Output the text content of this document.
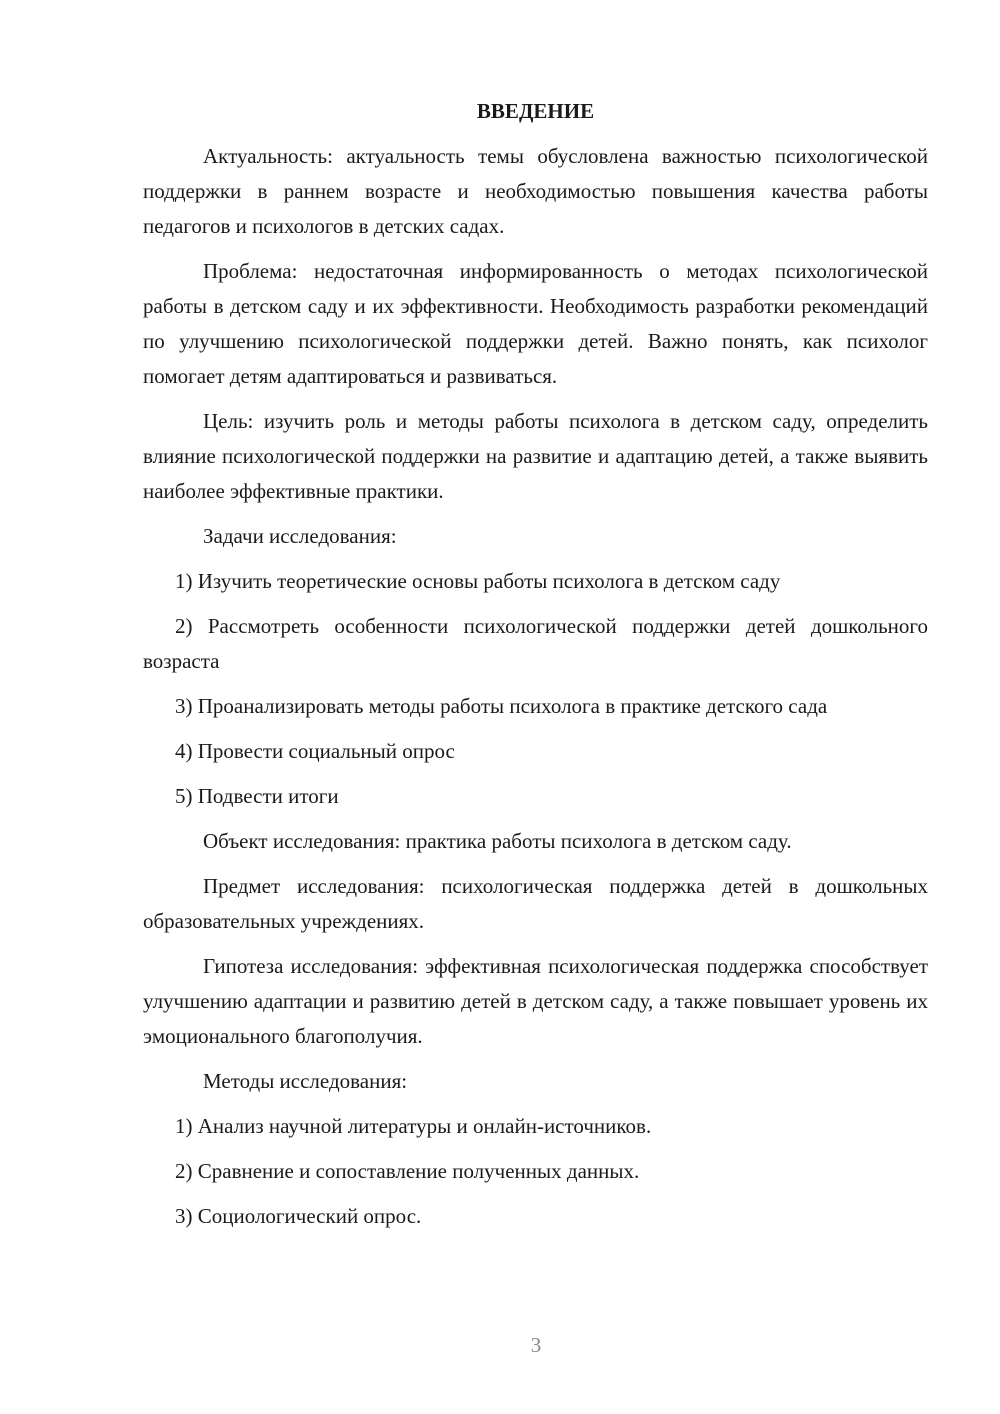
ВВЕДЕНИЕ

Актуальность: актуальность темы обусловлена важностью психологической поддержки в раннем возрасте и необходимостью повышения качества работы педагогов и психологов в детских садах.

Проблема: недостаточная информированность о методах психологической работы в детском саду и их эффективности. Необходимость разработки рекомендаций по улучшению психологической поддержки детей. Важно понять, как психолог помогает детям адаптироваться и развиваться.

Цель: изучить роль и методы работы психолога в детском саду, определить влияние психологической поддержки на развитие и адаптацию детей, а также выявить наиболее эффективные практики.

Задачи исследования:

1) Изучить теоретические основы работы психолога в детском саду

2) Рассмотреть особенности психологической поддержки детей дошкольного возраста

3) Проанализировать методы работы психолога в практике детского сада

4) Провести социальный опрос

5) Подвести итоги

Объект исследования: практика работы психолога в детском саду.

Предмет исследования: психологическая поддержка детей в дошкольных образовательных учреждениях.

Гипотеза исследования: эффективная психологическая поддержка способствует улучшению адаптации и развитию детей в детском саду, а также повышает уровень их эмоционального благополучия.

Методы исследования:

1) Анализ научной литературы и онлайн-источников.

2) Сравнение и сопоставление полученных данных.

3) Социологический опрос.

3
